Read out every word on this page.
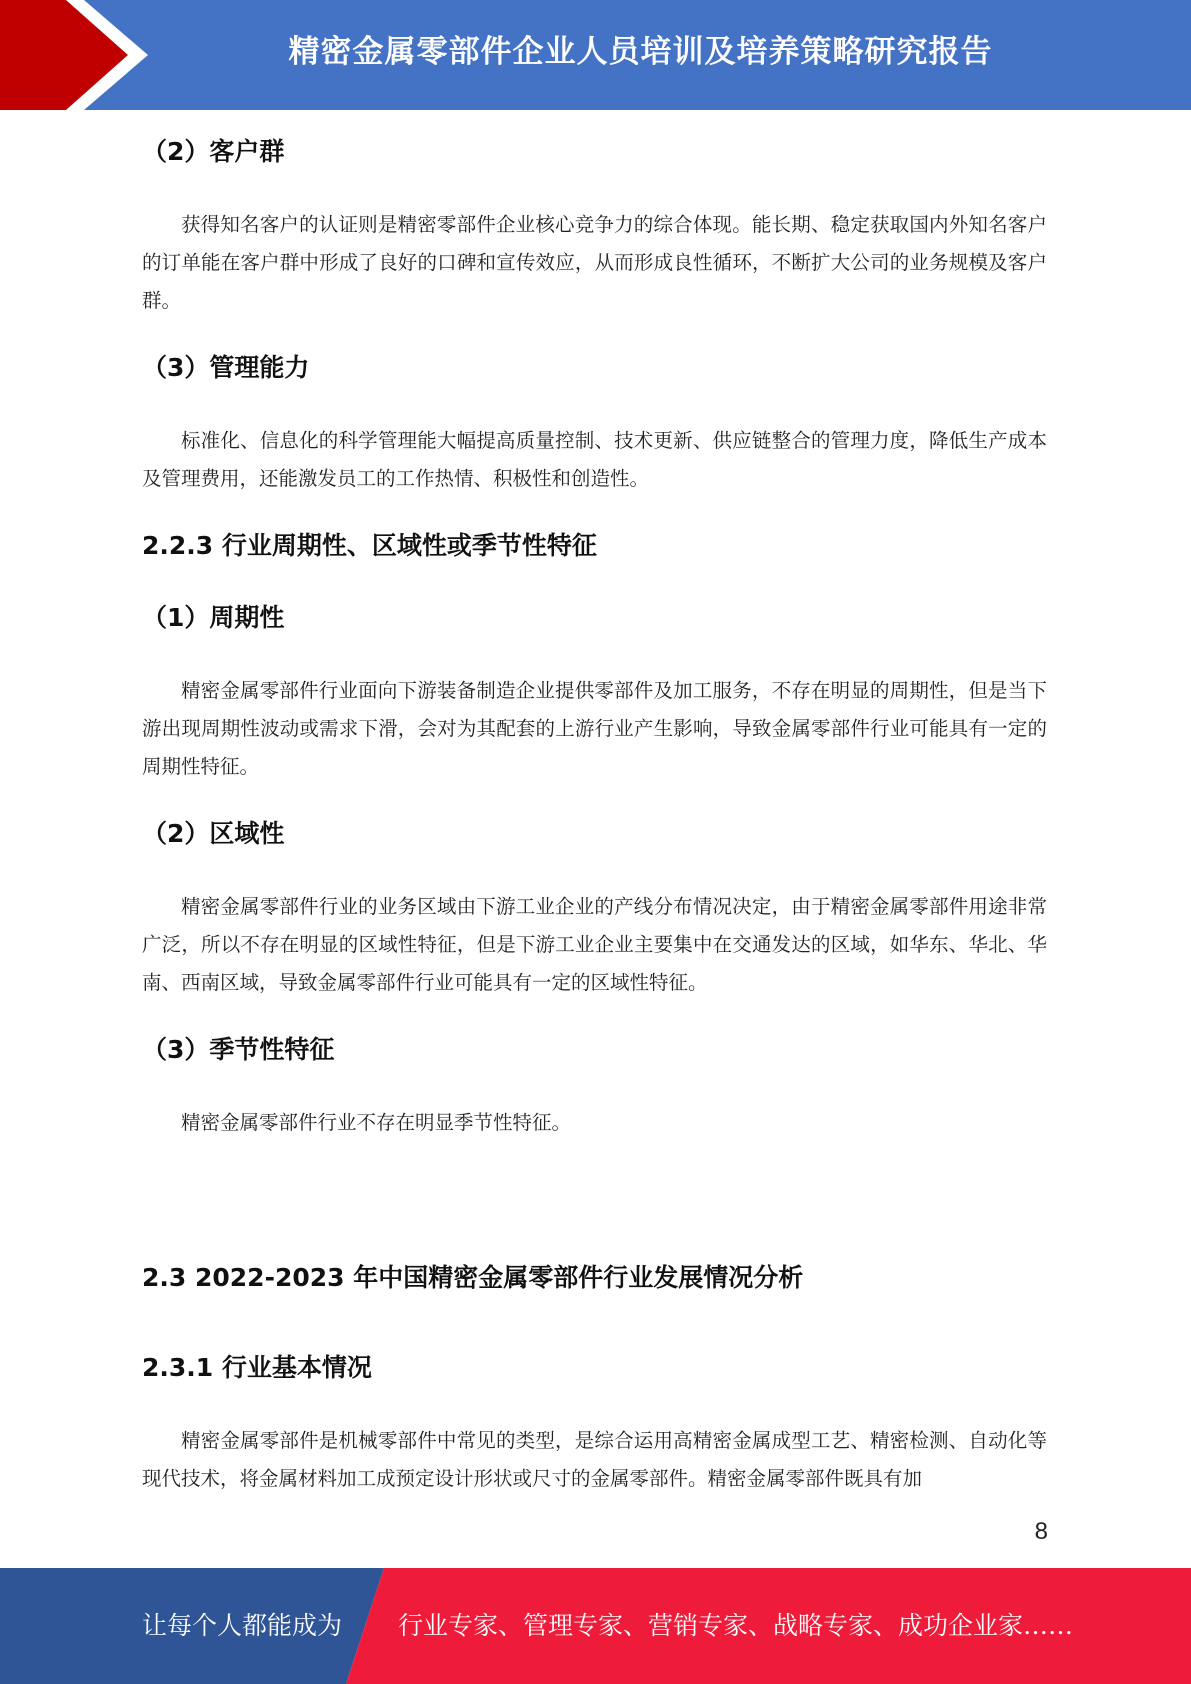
精密金属零部件企业人员培训及培养策略研究报告
（2）客户群

获得知名客户的认证则是精密零部件企业核心竞争力的综合体现。能长期、稳定获取国内外知名客户的订单能在客户群中形成了良好的口碑和宣传效应，从而形成良性循环，不断扩大公司的业务规模及客户群。

（3）管理能力

标准化、信息化的科学管理能大幅提高质量控制、技术更新、供应链整合的管理力度，降低生产成本及管理费用，还能激发员工的工作热情、积极性和创造性。

2.2.3 行业周期性、区域性或季节性特征
（1）周期性

精密金属零部件行业面向下游装备制造企业提供零部件及加工服务，不存在明显的周期性，但是当下游出现周期性波动或需求下滑，会对为其配套的上游行业产生影响，导致金属零部件行业可能具有一定的周期性特征。

（2）区域性

精密金属零部件行业的业务区域由下游工业企业的产线分布情况决定，由于精密金属零部件用途非常广泛，所以不存在明显的区域性特征，但是下游工业企业主要集中在交通发达的区域，如华东、华北、华南、西南区域，导致金属零部件行业可能具有一定的区域性特征。

（3）季节性特征

精密金属零部件行业不存在明显季节性特征。

2.3 2022-2023 年中国精密金属零部件行业发展情况分析
2.3.1 行业基本情况

精密金属零部件是机械零部件中常见的类型，是综合运用高精密金属成型工艺、精密检测、自动化等现代技术，将金属材料加工成预定设计形状或尺寸的金属零部件。精密金属零部件既具有加

8
让每个人都能成为 行业专家、管理专家、营销专家、战略专家、成功企业家……
